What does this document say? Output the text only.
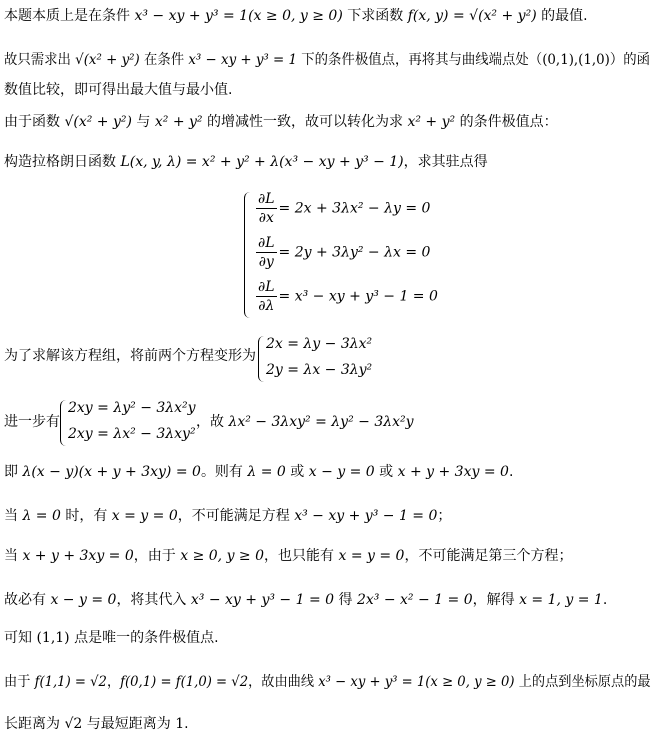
本题本质上是在条件 x³ − xy + y³ = 1(x ≥ 0, y ≥ 0) 下求函数 f(x, y) = √(x² + y²) 的最值.
故只需求出 √(x² + y²) 在条件 x³ − xy + y³ = 1 下的条件极值点，再将其与曲线端点处（(0,1),(1,0)）的函
数值比较，即可得出最大值与最小值.
由于函数 √(x² + y²) 与 x² + y² 的增减性一致，故可以转化为求 x² + y² 的条件极值点：
构造拉格朗日函数 L(x, y, λ) = x² + y² + λ(x³ − xy + y³ − 1)，求其驻点得
$\frac{\partial L}{\partial x} = 2x + 3\lambda x^2 - \lambda y = 0$
$\frac{\partial L}{\partial y} = 2y + 3\lambda y^2 - \lambda x = 0$
$\frac{\partial L}{\partial\lambda} = x^3$ − xy + y³ − 1 = 0
为了求解该方程组，将前两个方程变形为
2x = λy − 3λx²
2y = λx − 3λy²
进一步有
2xy = λy² − 3λx²y
2xy = λx² − 3λxy²
，故 λx² − 3λxy² = λy² − 3λx²y
即 λ(x − y)(x + y + 3xy) = 0。则有 λ = 0 或 x − y = 0 或 x + y + 3xy = 0.
当 λ = 0 时，有 x = y = 0，不可能满足方程 x³ − xy + y³ − 1 = 0；
当 x + y + 3xy = 0，由于 x ≥ 0, y ≥ 0，也只能有 x = y = 0，不可能满足第三个方程；
故必有 x − y = 0，将其代入 x³ − xy + y³ − 1 = 0 得 2x³ − x² − 1 = 0，解得 x = 1, y = 1.
可知 (1,1) 点是唯一的条件极值点.
由于 f(1,1) = √2，f(0,1) = f(1,0) = √2，故由曲线 x³ − xy + y³ = 1(x ≥ 0, y ≥ 0) 上的点到坐标原点的最
长距离为 √2 与最短距离为 1.
